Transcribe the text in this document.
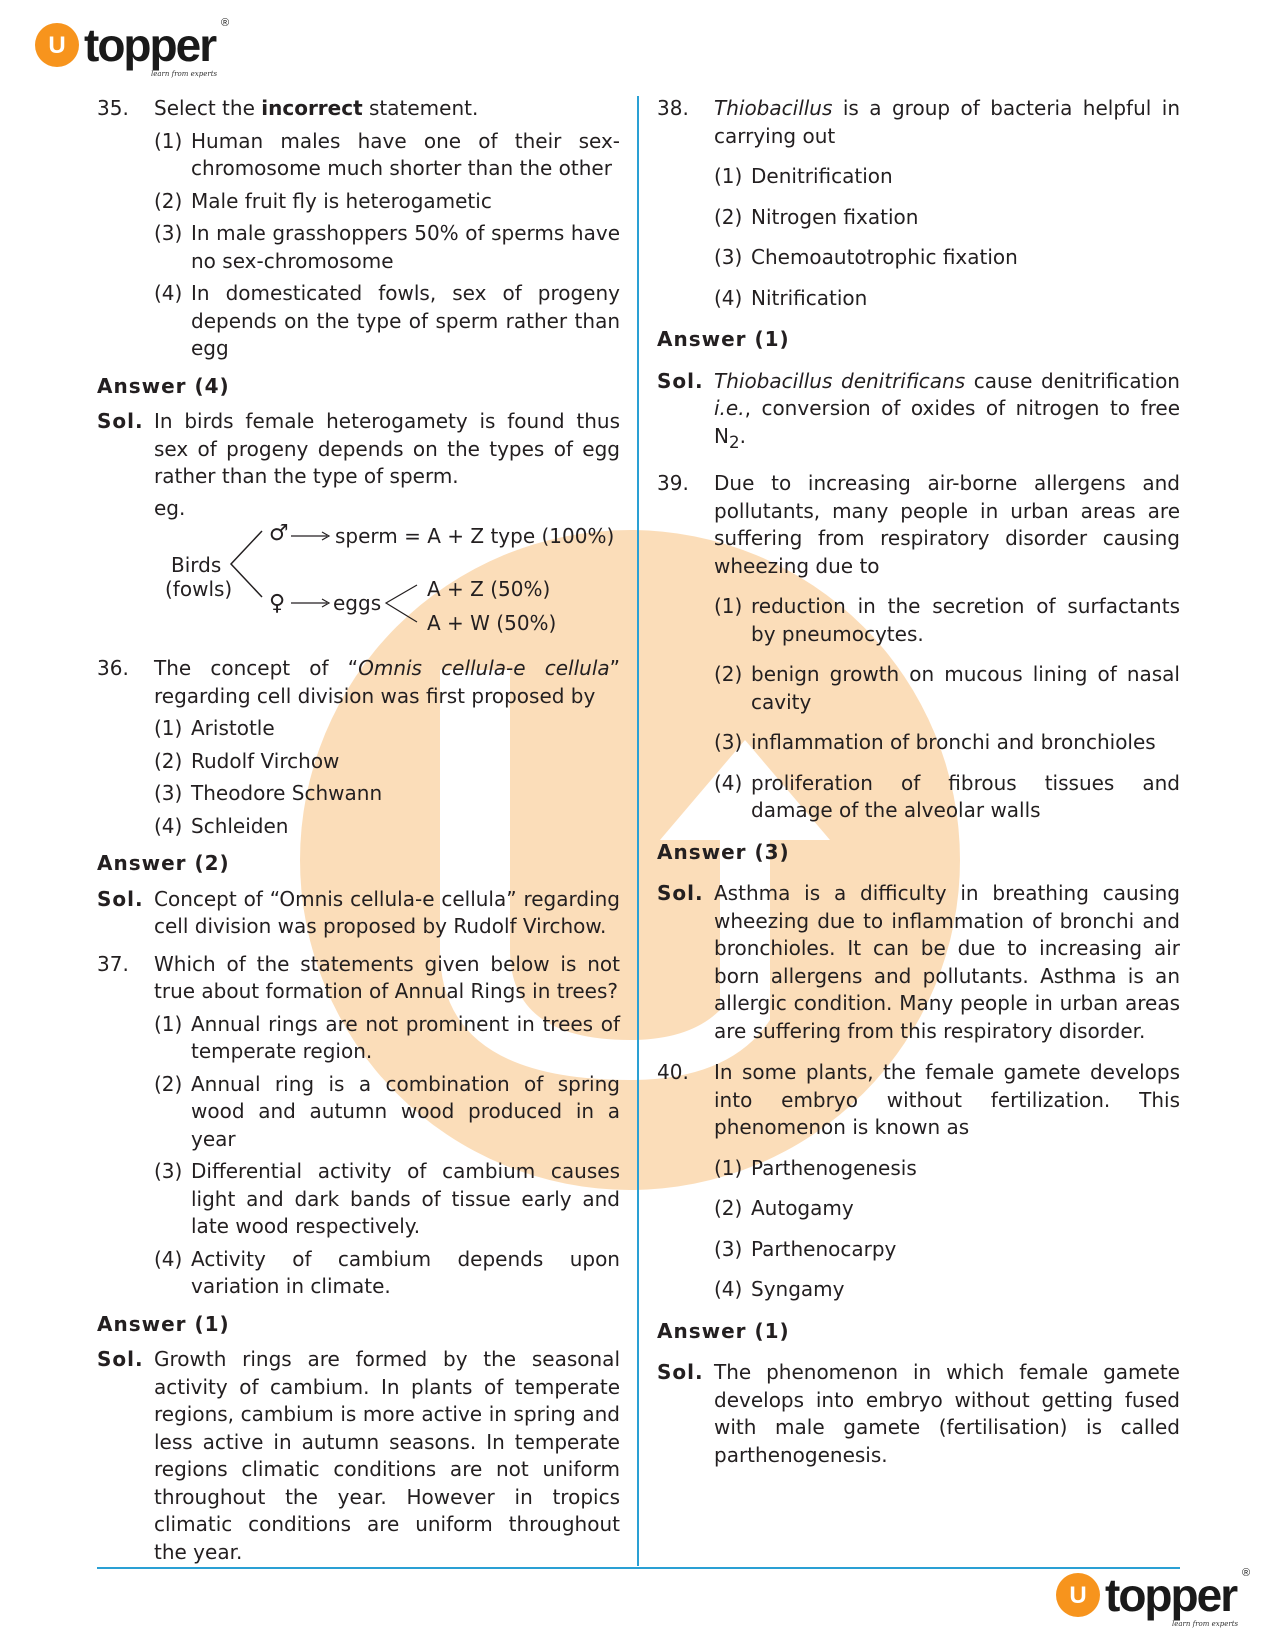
U topper ®
learn from experts
35.	Select the incorrect statement.
(1) Human males have one of their sex-chromosome much shorter than the other
(2) Male fruit fly is heterogametic
(3) In male grasshoppers 50% of sperms have no sex-chromosome
(4) In domesticated fowls, sex of progeny depends on the type of sperm rather than egg
Answer (4)
Sol. In birds female heterogamety is found thus sex of progeny depends on the types of egg rather than the type of sperm.
eg.
Birds
(fowls)
♂
♀
sperm = A + Z type (100%)
eggs
A + Z (50%)
A + W (50%)
36.	The concept of “Omnis cellula-e cellula” regarding cell division was first proposed by
(1) Aristotle
(2) Rudolf Virchow
(3) Theodore Schwann
(4) Schleiden
Answer (2)
Sol. Concept of “Omnis cellula-e cellula” regarding cell division was proposed by Rudolf Virchow.
37.	Which of the statements given below is not true about formation of Annual Rings in trees?
(1) Annual rings are not prominent in trees of temperate region.
(2) Annual ring is a combination of spring wood and autumn wood produced in a year
(3) Differential activity of cambium causes light and dark bands of tissue early and late wood respectively.
(4) Activity of cambium depends upon variation in climate.
Answer (1)
Sol. Growth rings are formed by the seasonal activity of cambium. In plants of temperate regions, cambium is more active in spring and less active in autumn seasons. In temperate regions climatic conditions are not uniform throughout the year. However in tropics climatic conditions are uniform throughout the year.
38.	Thiobacillus is a group of bacteria helpful in carrying out
(1) Denitrification
(2) Nitrogen fixation
(3) Chemoautotrophic fixation
(4) Nitrification
Answer (1)
Sol. Thiobacillus denitrificans cause denitrification i.e., conversion of oxides of nitrogen to free $N_2$.
39.	Due to increasing air-borne allergens and pollutants, many people in urban areas are suffering from respiratory disorder causing wheezing due to
(1) reduction in the secretion of surfactants by pneumocytes.
(2) benign growth on mucous lining of nasal cavity
(3) inflammation of bronchi and bronchioles
(4) proliferation of fibrous tissues and damage of the alveolar walls
Answer (3)
Sol. Asthma is a difficulty in breathing causing wheezing due to inflammation of bronchi and bronchioles. It can be due to increasing air born allergens and pollutants. Asthma is an allergic condition. Many people in urban areas are suffering from this respiratory disorder.
40.	In some plants, the female gamete develops into embryo without fertilization. This phenomenon is known as
(1) Parthenogenesis
(2) Autogamy
(3) Parthenocarpy
(4) Syngamy
Answer (1)
Sol. The phenomenon in which female gamete develops into embryo without getting fused with male gamete (fertilisation) is called parthenogenesis.
U topper ®
learn from experts
